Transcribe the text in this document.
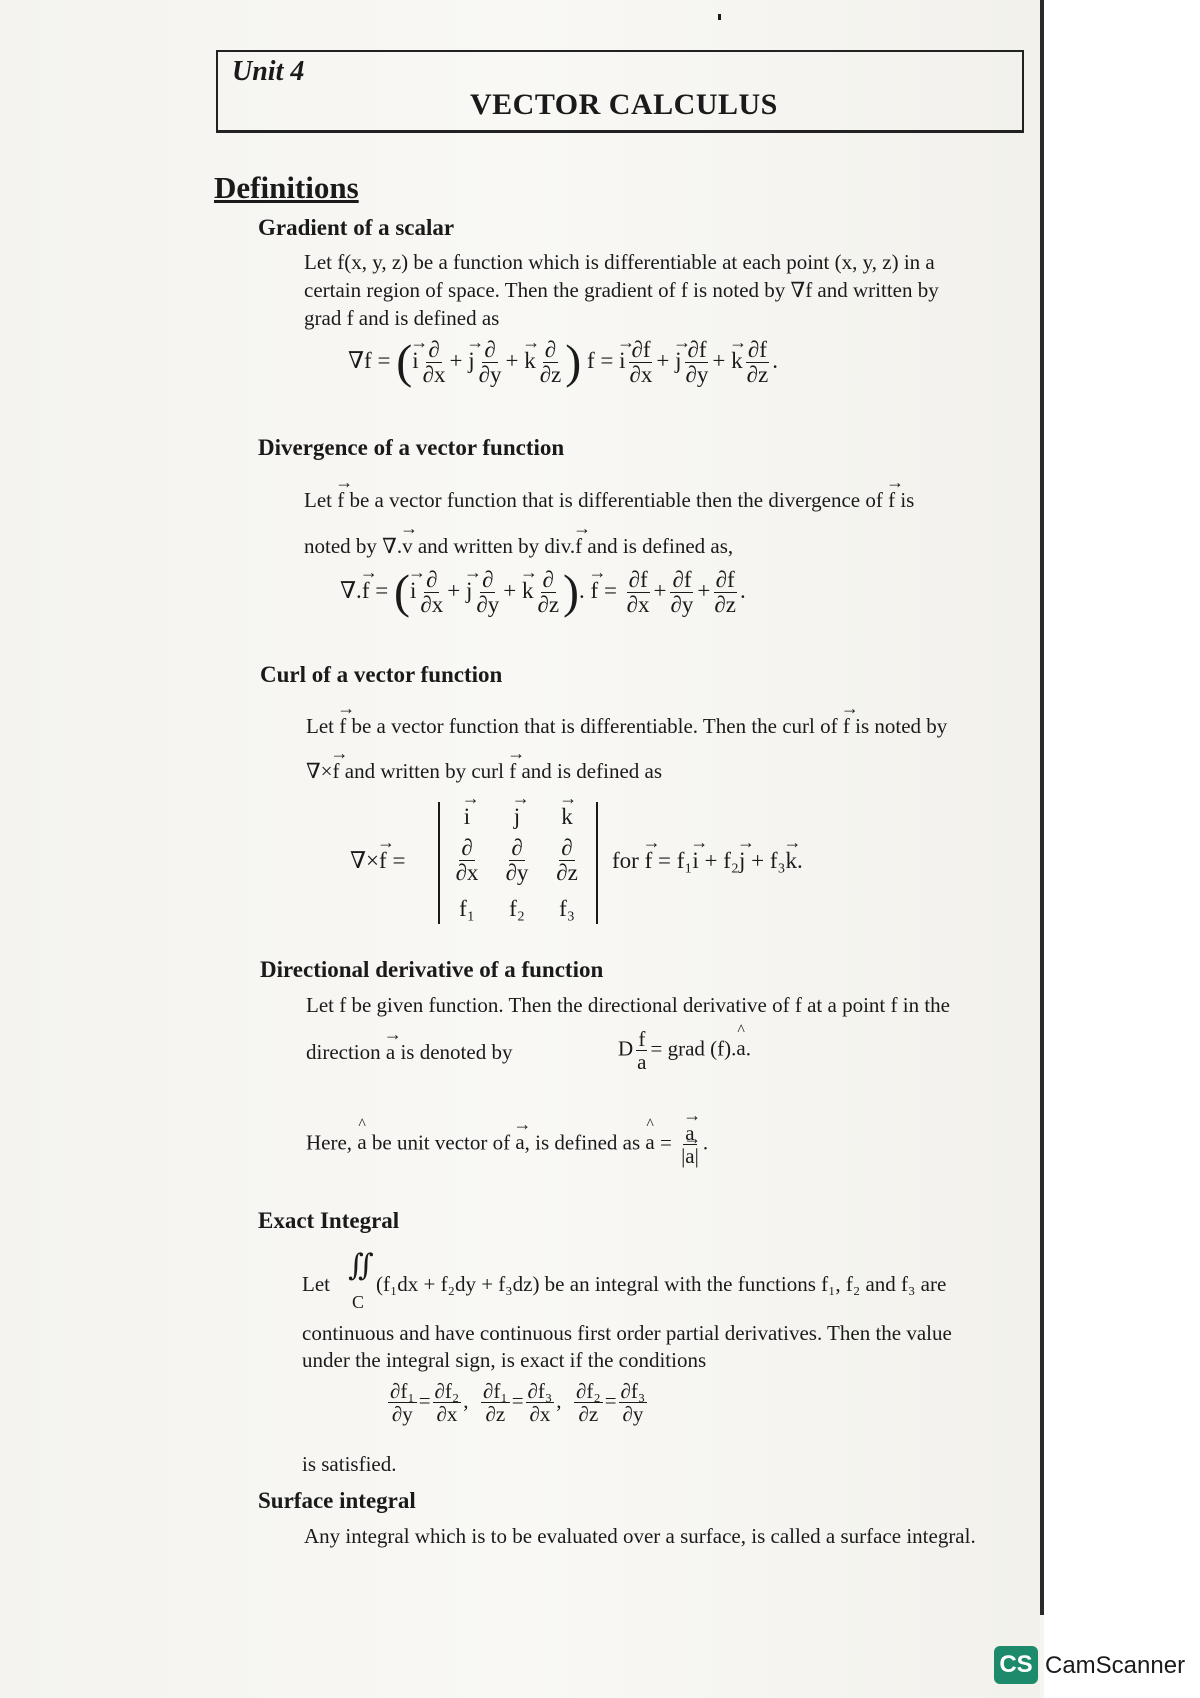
Unit 4
VECTOR CALCULUS
Definitions
Gradient of a scalar
Let f(x, y, z) be a function which is differentiable at each point (x, y, z) in a
certain region of space. Then the gradient of f is noted by ∇f and written by
grad f and is defined as
∇f = (→ i $\frac{\partial}{\partial x}$ + → j $\frac{\partial}{\partial y}$ + → k $\frac{\partial}{\partial z}$ ) f = → i $\frac{\partial f}{\partial x}$ + → j $\frac{\partial f}{\partial y}$ + → k $\frac{\partial f}{\partial z}$ .
Divergence of a vector function
Let → f be a vector function that is differentiable then the divergence of → f is
noted by ∇.→ v and written by div.→ f and is defined as,
∇.→ f = (→ i $\frac{\partial}{\partial x}$ + → j $\frac{\partial}{\partial y}$ + → k $\frac{\partial}{\partial z}$ ). → $f = \frac{\partial f}{\partial x} + \frac{\partial f}{\partial y} + \frac{\partial f}{\partial z}$ .
Curl of a vector function
Let → f be a vector function that is differentiable. Then the curl of → f is noted by
∇×→ f and written by curl → f and is defined as
∇×→ f =
→ i	→ j	→ k
$\frac{\partial}{\partial x} \frac{\partial}{\partial y} \frac{\partial}{\partial z}$
f₁	f₂	f₃
for → f = f₁→ i + f₂→ j + f₃→ k.
Directional derivative of a function
Let f be given function. Then the directional derivative of f at a point f in the
direction → a is denoted by	D $\frac{f}{a}$ = grad (f).^ a.
Here, ^ a be unit vector of → a, is defined as ^ a = → $\frac{a}{|\to a|}$ .
Exact Integral
Let
∬
C
(f₁dx + f₂dy + f₃dz) be an integral with the functions f₁, f₂ and f₃ are
continuous and have continuous first order partial derivatives. Then the value
under the integral sign, is exact if the conditions
$\frac{\text{∂f₁}}{\partial y} = \frac{\text{∂f₂}}{\partial x}$ , $\frac{\text{∂f₁}}{\partial z} = \frac{\text{∂f₃}}{\partial x}$ , $\frac{\text{∂f₂}}{\partial z} = \frac{\text{∂f₃}}{\partial y}$
is satisfied.
Surface integral
Any integral which is to be evaluated over a surface, is called a surface integral.
CS CamScanner
